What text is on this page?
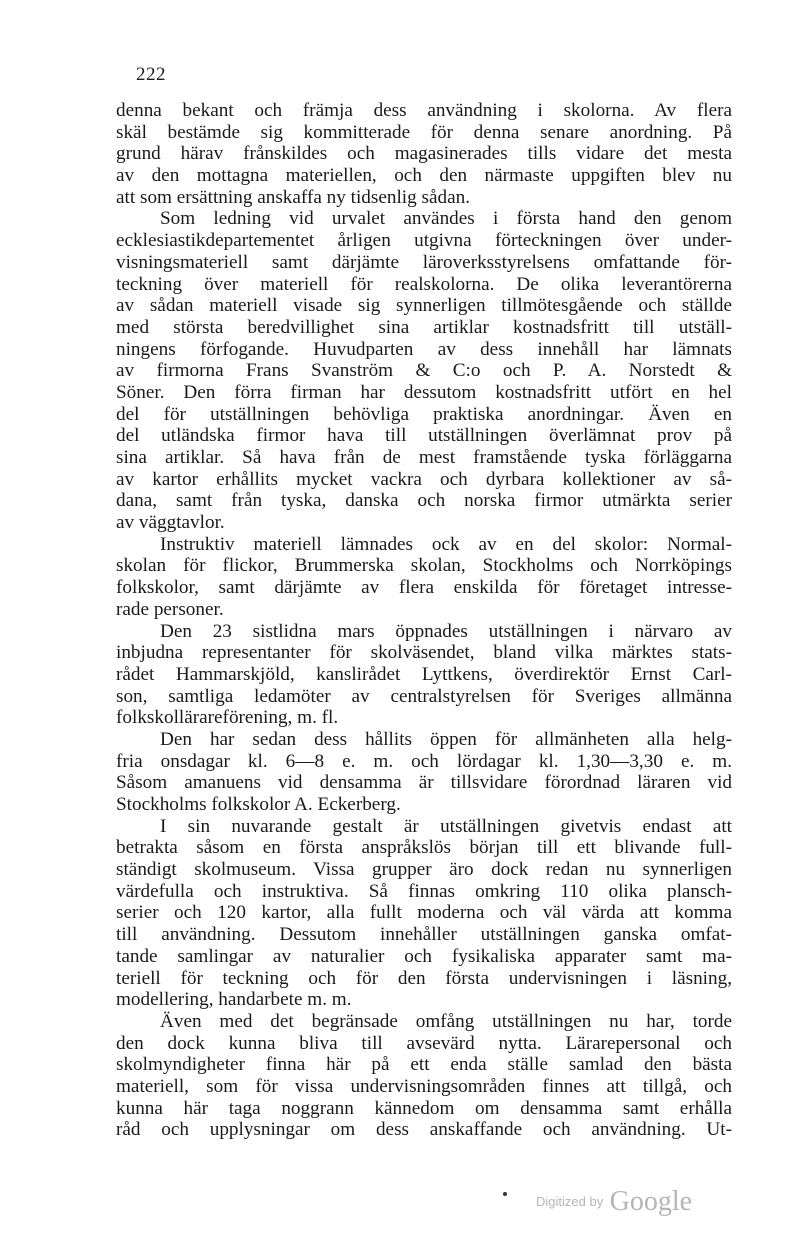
222
denna bekant och främja dess användning i skolorna. Av flera
skäl bestämde sig kommitterade för denna senare anordning. På
grund härav frånskildes och magasinerades tills vidare det mesta
av den mottagna materiellen, och den närmaste uppgiften blev nu
att som ersättning anskaffa ny tidsenlig sådan.
Som ledning vid urvalet användes i första hand den genom
ecklesiastikdepartementet årligen utgivna förteckningen över under-
visningsmateriell samt därjämte läroverksstyrelsens omfattande för-
teckning över materiell för realskolorna. De olika leverantörerna
av sådan materiell visade sig synnerligen tillmötesgående och ställde
med största beredvillighet sina artiklar kostnadsfritt till utställ-
ningens förfogande. Huvudparten av dess innehåll har lämnats
av firmorna Frans Svanström & C:o och P. A. Norstedt &
Söner. Den förra firman har dessutom kostnadsfritt utfört en hel
del för utställningen behövliga praktiska anordningar. Även en
del utländska firmor hava till utställningen överlämnat prov på
sina artiklar. Så hava från de mest framstående tyska förläggarna
av kartor erhållits mycket vackra och dyrbara kollektioner av så-
dana, samt från tyska, danska och norska firmor utmärkta serier
av väggtavlor.
Instruktiv materiell lämnades ock av en del skolor: Normal-
skolan för flickor, Brummerska skolan, Stockholms och Norrköpings
folkskolor, samt därjämte av flera enskilda för företaget intresse-
rade personer.
Den 23 sistlidna mars öppnades utställningen i närvaro av
inbjudna representanter för skolväsendet, bland vilka märktes stats-
rådet Hammarskjöld, kanslirådet Lyttkens, överdirektör Ernst Carl-
son, samtliga ledamöter av centralstyrelsen för Sveriges allmänna
folkskollärareförening, m. fl.
Den har sedan dess hållits öppen för allmänheten alla helg-
fria onsdagar kl. 6—8 e. m. och lördagar kl. 1,30—3,30 e. m.
Såsom amanuens vid densamma är tillsvidare förordnad läraren vid
Stockholms folkskolor A. Eckerberg.
I sin nuvarande gestalt är utställningen givetvis endast att
betrakta såsom en första anspråkslös början till ett blivande full-
ständigt skolmuseum. Vissa grupper äro dock redan nu synnerligen
värdefulla och instruktiva. Så finnas omkring 110 olika plansch-
serier och 120 kartor, alla fullt moderna och väl värda att komma
till användning. Dessutom innehåller utställningen ganska omfat-
tande samlingar av naturalier och fysikaliska apparater samt ma-
teriell för teckning och för den första undervisningen i läsning,
modellering, handarbete m. m.
Även med det begränsade omfång utställningen nu har, torde
den dock kunna bliva till avsevärd nytta. Lärarepersonal och
skolmyndigheter finna här på ett enda ställe samlad den bästa
materiell, som för vissa undervisningsområden finnes att tillgå, och
kunna här taga noggrann kännedom om densamma samt erhålla
råd och upplysningar om dess anskaffande och användning. Ut-
$^{Digitized by}$ Google
